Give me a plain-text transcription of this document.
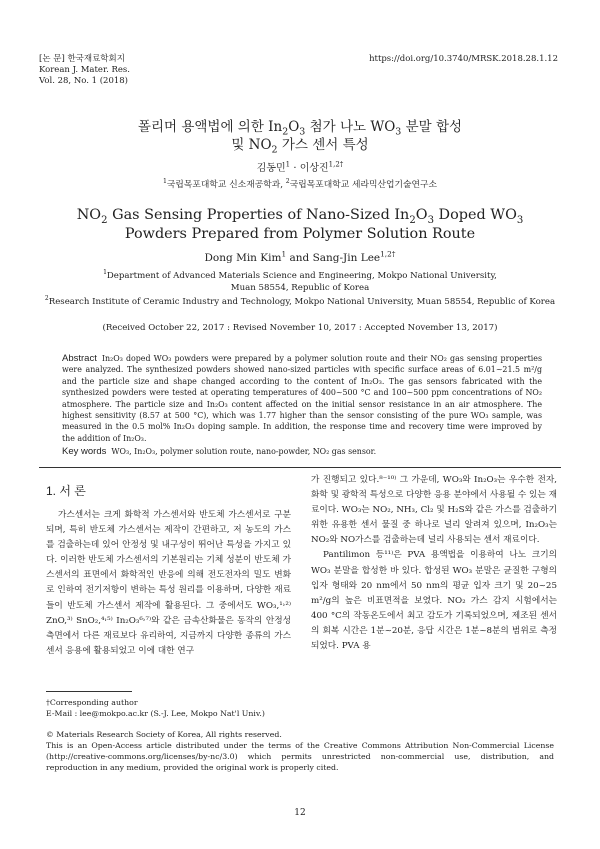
[논 문] 한국재료학회지
Korean J. Mater. Res.
Vol. 28, No. 1 (2018)
https://doi.org/10.3740/MRSK.2018.28.1.12
폴리머 용액법에 의한 $In_2O_3$ 첨가 나노 $WO_3$ 분말 합성
및 $NO_2$ 가스 센서 특성
김동민$^1$ · 이상진$^{1,2\dagger}$
$^1$국립목포대학교 신소재공학과, $^2$국립목포대학교 세라믹산업기술연구소
$NO_2$ Gas Sensing Properties of Nano-Sized $In_2O_3$ Doped $WO_3$
Powders Prepared from Polymer Solution Route
Dong Min Kim$^1$ and Sang-Jin Lee$^{1,2\dagger}$
$^1$Department of Advanced Materials Science and Engineering, Mokpo National University,
Muan 58554, Republic of Korea
$^2$Research Institute of Ceramic Industry and Technology, Mokpo National University, Muan 58554, Republic of Korea
(Received October 22, 2017 : Revised November 10, 2017 : Accepted November 13, 2017)
Abstract In₂O₃ doped WO₃ powders were prepared by a polymer solution route and their NO₂ gas sensing properties were analyzed. The synthesized powders showed nano-sized particles with specific surface areas of 6.01~21.5 m²/g and the particle size and shape changed according to the content of In₂O₃. The gas sensors fabricated with the synthesized powders were tested at operating temperatures of 400~500 °C and 100~500 ppm concentrations of NO₂ atmosphere. The particle size and In₂O₃ content affected on the initial sensor resistance in an air atmosphere. The highest sensitivity (8.57 at 500 °C), which was 1.77 higher than the sensor consisting of the pure WO₃ sample, was measured in the 0.5 mol% In₂O₃ doping sample. In addition, the response time and recovery time were improved by the addition of In₂O₃.
Key words WO₃, In₂O₃, polymer solution route, nano-powder, NO₂ gas sensor.
1. 서 론

가스센서는 크게 화학적 가스센서와 반도체 가스센서로 구분되며, 특히 반도체 가스센서는 제작이 간편하고, 저 농도의 가스를 검출하는데 있어 안정성 및 내구성이 뛰어난 특성을 가지고 있다. 이러한 반도체 가스센서의 기본원리는 기체 성분이 반도체 가스센서의 표면에서 화학적인 반응에 의해 전도전자의 밀도 변화로 인하여 전기저항이 변하는 특성 원리를 이용하며, 다양한 재료들이 반도체 가스센서 제작에 활용된다. 그 중에서도 WO₃,¹˒²⁾ ZnO,³⁾ SnO₂,⁴˒⁵⁾ In₂O₃⁶˒⁷⁾와 같은 금속산화물은 동작의 안정성 측면에서 다른 재료보다 유리하여, 지금까지 다양한 종류의 가스센서 응용에 활용되었고 이에 대한 연구

가 진행되고 있다.⁸⁻¹⁰⁾ 그 가운데, WO₃와 In₂O₃는 우수한 전자, 화학 및 광학적 특성으로 다양한 응용 분야에서 사용될 수 있는 재료이다. WO₃는 NO₂, NH₃, Cl₂ 및 H₂S와 같은 가스를 검출하기 위한 유용한 센서 물질 중 하나로 널리 알려져 있으며, In₂O₃는 NO₂와 NO가스를 검출하는데 널리 사용되는 센서 재료이다.

Pantilimon 등¹¹⁾은 PVA 용액법을 이용하여 나노 크기의 WO₃ 분말을 합성한 바 있다. 합성된 WO₃ 분말은 균질한 구형의 입자 형태와 20 nm에서 50 nm의 평균 입자 크기 및 20~25 m²/g의 높은 비표면적을 보였다. NO₂ 가스 감지 시험에서는 400 °C의 작동온도에서 최고 감도가 기록되었으며, 제조된 센서의 회복 시간은 1분~20분, 응답 시간은 1분~8분의 범위로 측정되었다. PVA 용

†Corresponding author
E-Mail : lee@mokpo.ac.kr (S.-J. Lee, Mokpo Nat'l Univ.)
© Materials Research Society of Korea, All rights reserved.
This is an Open-Access article distributed under the terms of the Creative Commons Attribution Non-Commercial License (http://creative-commons.org/licenses/by-nc/3.0) which permits unrestricted non-commercial use, distribution, and reproduction in any medium, provided the original work is properly cited.
12
